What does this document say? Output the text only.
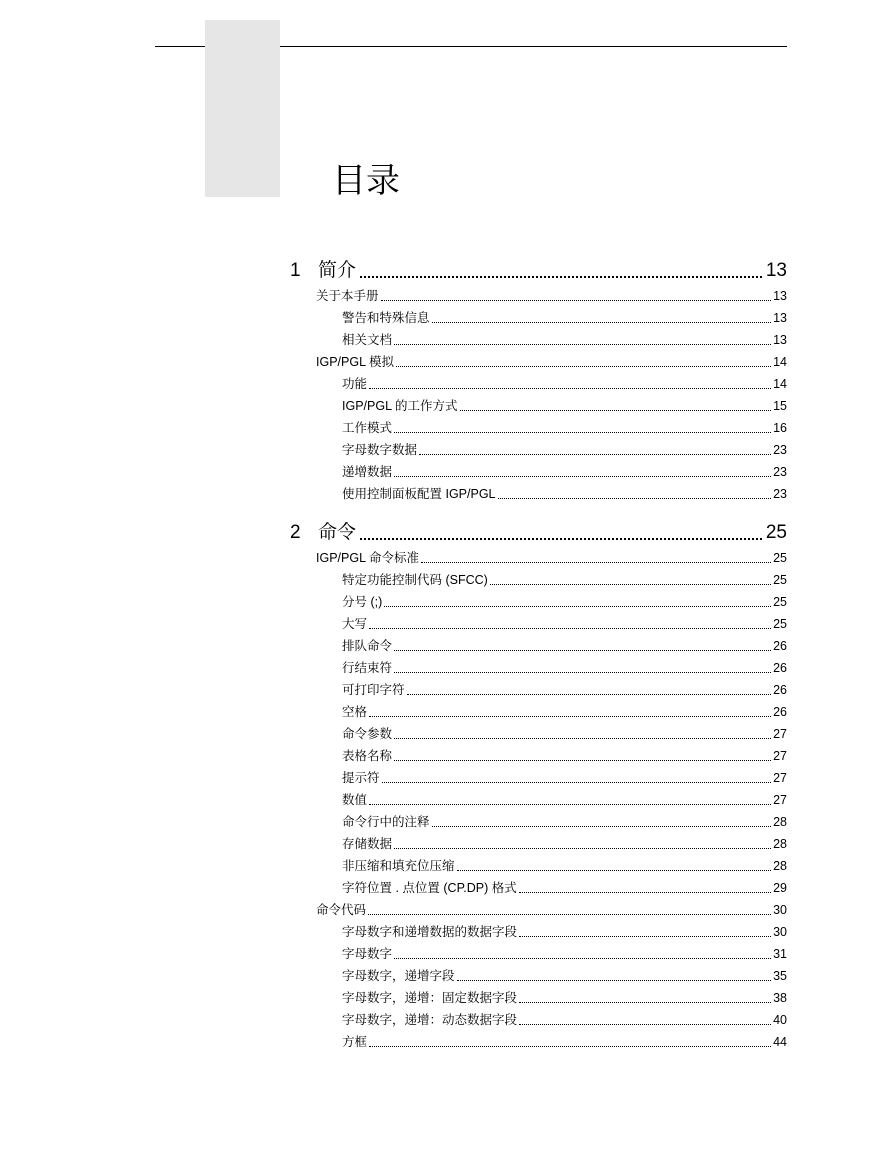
目录
1 简介	13
关于本手册	13
警告和特殊信息	13
相关文档	13
IGP/PGL 模拟	14
功能	14
IGP/PGL 的工作方式	15
工作模式	16
字母数字数据	23
递增数据	23
使用控制面板配置 IGP/PGL	23
2 命令	25
IGP/PGL 命令标准	25
特定功能控制代码 (SFCC)	25
分号 (;)	25
大写	25
排队命令	26
行结束符	26
可打印字符	26
空格	26
命令参数	27
表格名称	27
提示符	27
数值	27
命令行中的注释	28
存储数据	28
非压缩和填充位压缩	28
字符位置 . 点位置 (CP.DP) 格式	29
命令代码	30
字母数字和递增数据的数据字段	30
字母数字	31
字母数字，递增字段	35
字母数字，递增：固定数据字段	38
字母数字，递增：动态数据字段	40
方框	44
